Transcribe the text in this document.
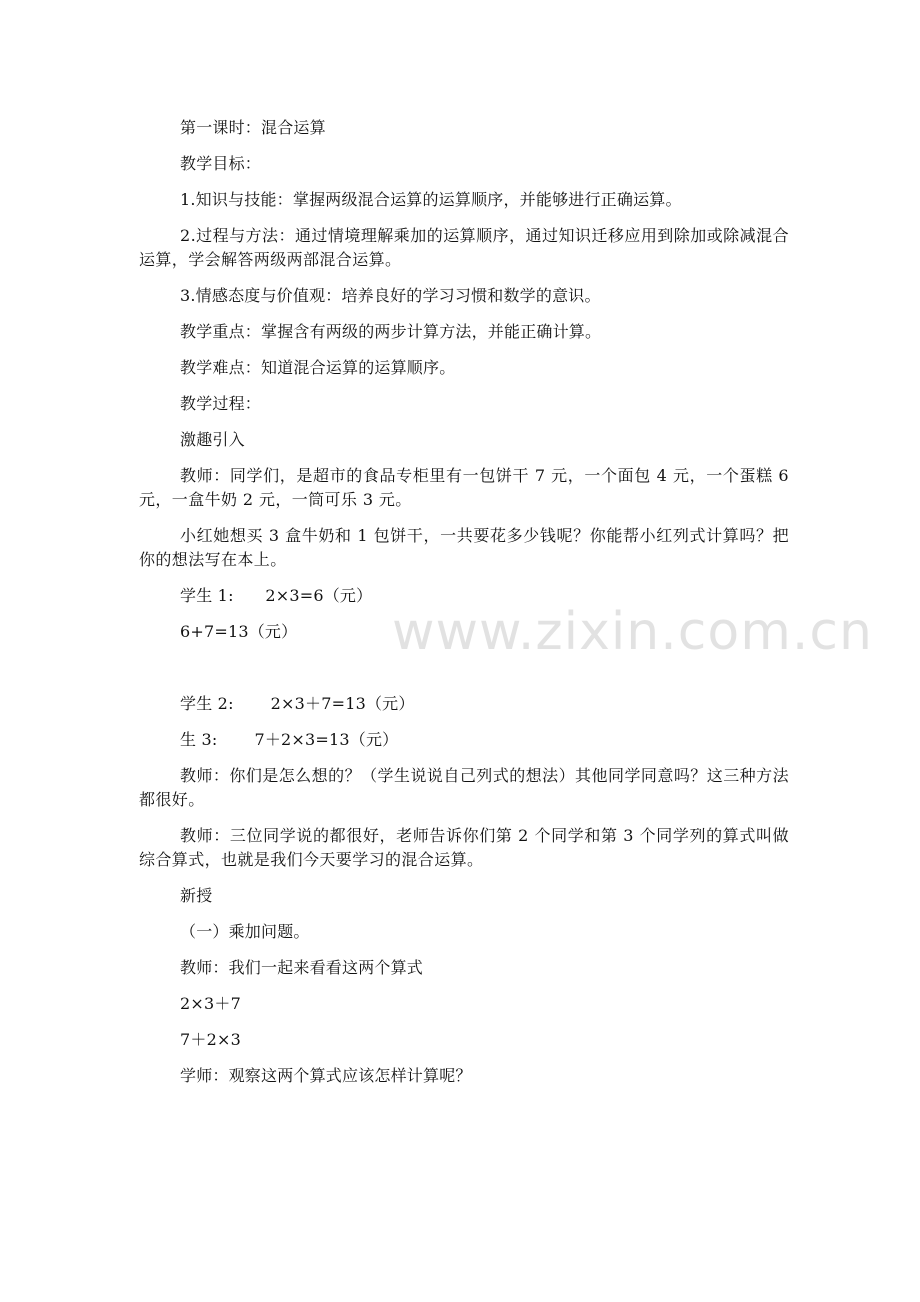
第一课时：混合运算

教学目标：

1.知识与技能：掌握两级混合运算的运算顺序，并能够进行正确运算。

2.过程与方法：通过情境理解乘加的运算顺序，通过知识迁移应用到除加或除减混合运算，学会解答两级两部混合运算。

3.情感态度与价值观：培养良好的学习习惯和数学的意识。

教学重点：掌握含有两级的两步计算方法，并能正确计算。

教学难点：知道混合运算的运算顺序。

教学过程：

激趣引入

教师：同学们，是超市的食品专柜里有一包饼干 7 元，一个面包 4 元，一个蛋糕 6 元，一盒牛奶 2 元，一筒可乐 3 元。

小红她想买 3 盒牛奶和 1 包饼干，一共要花多少钱呢？你能帮小红列式计算吗？把你的想法写在本上。

学生 1:      2×3=6（元）

6+7=13（元）

学生 2:       2×3＋7=13（元）

生 3:       7＋2×3=13（元）

教师：你们是怎么想的？（学生说说自己列式的想法）其他同学同意吗？这三种方法都很好。

教师：三位同学说的都很好，老师告诉你们第 2 个同学和第 3 个同学列的算式叫做综合算式，也就是我们今天要学习的混合运算。

新授

（一）乘加问题。

教师：我们一起来看看这两个算式

2×3＋7

7＋2×3

学师：观察这两个算式应该怎样计算呢？

www.zixin.com.cn
